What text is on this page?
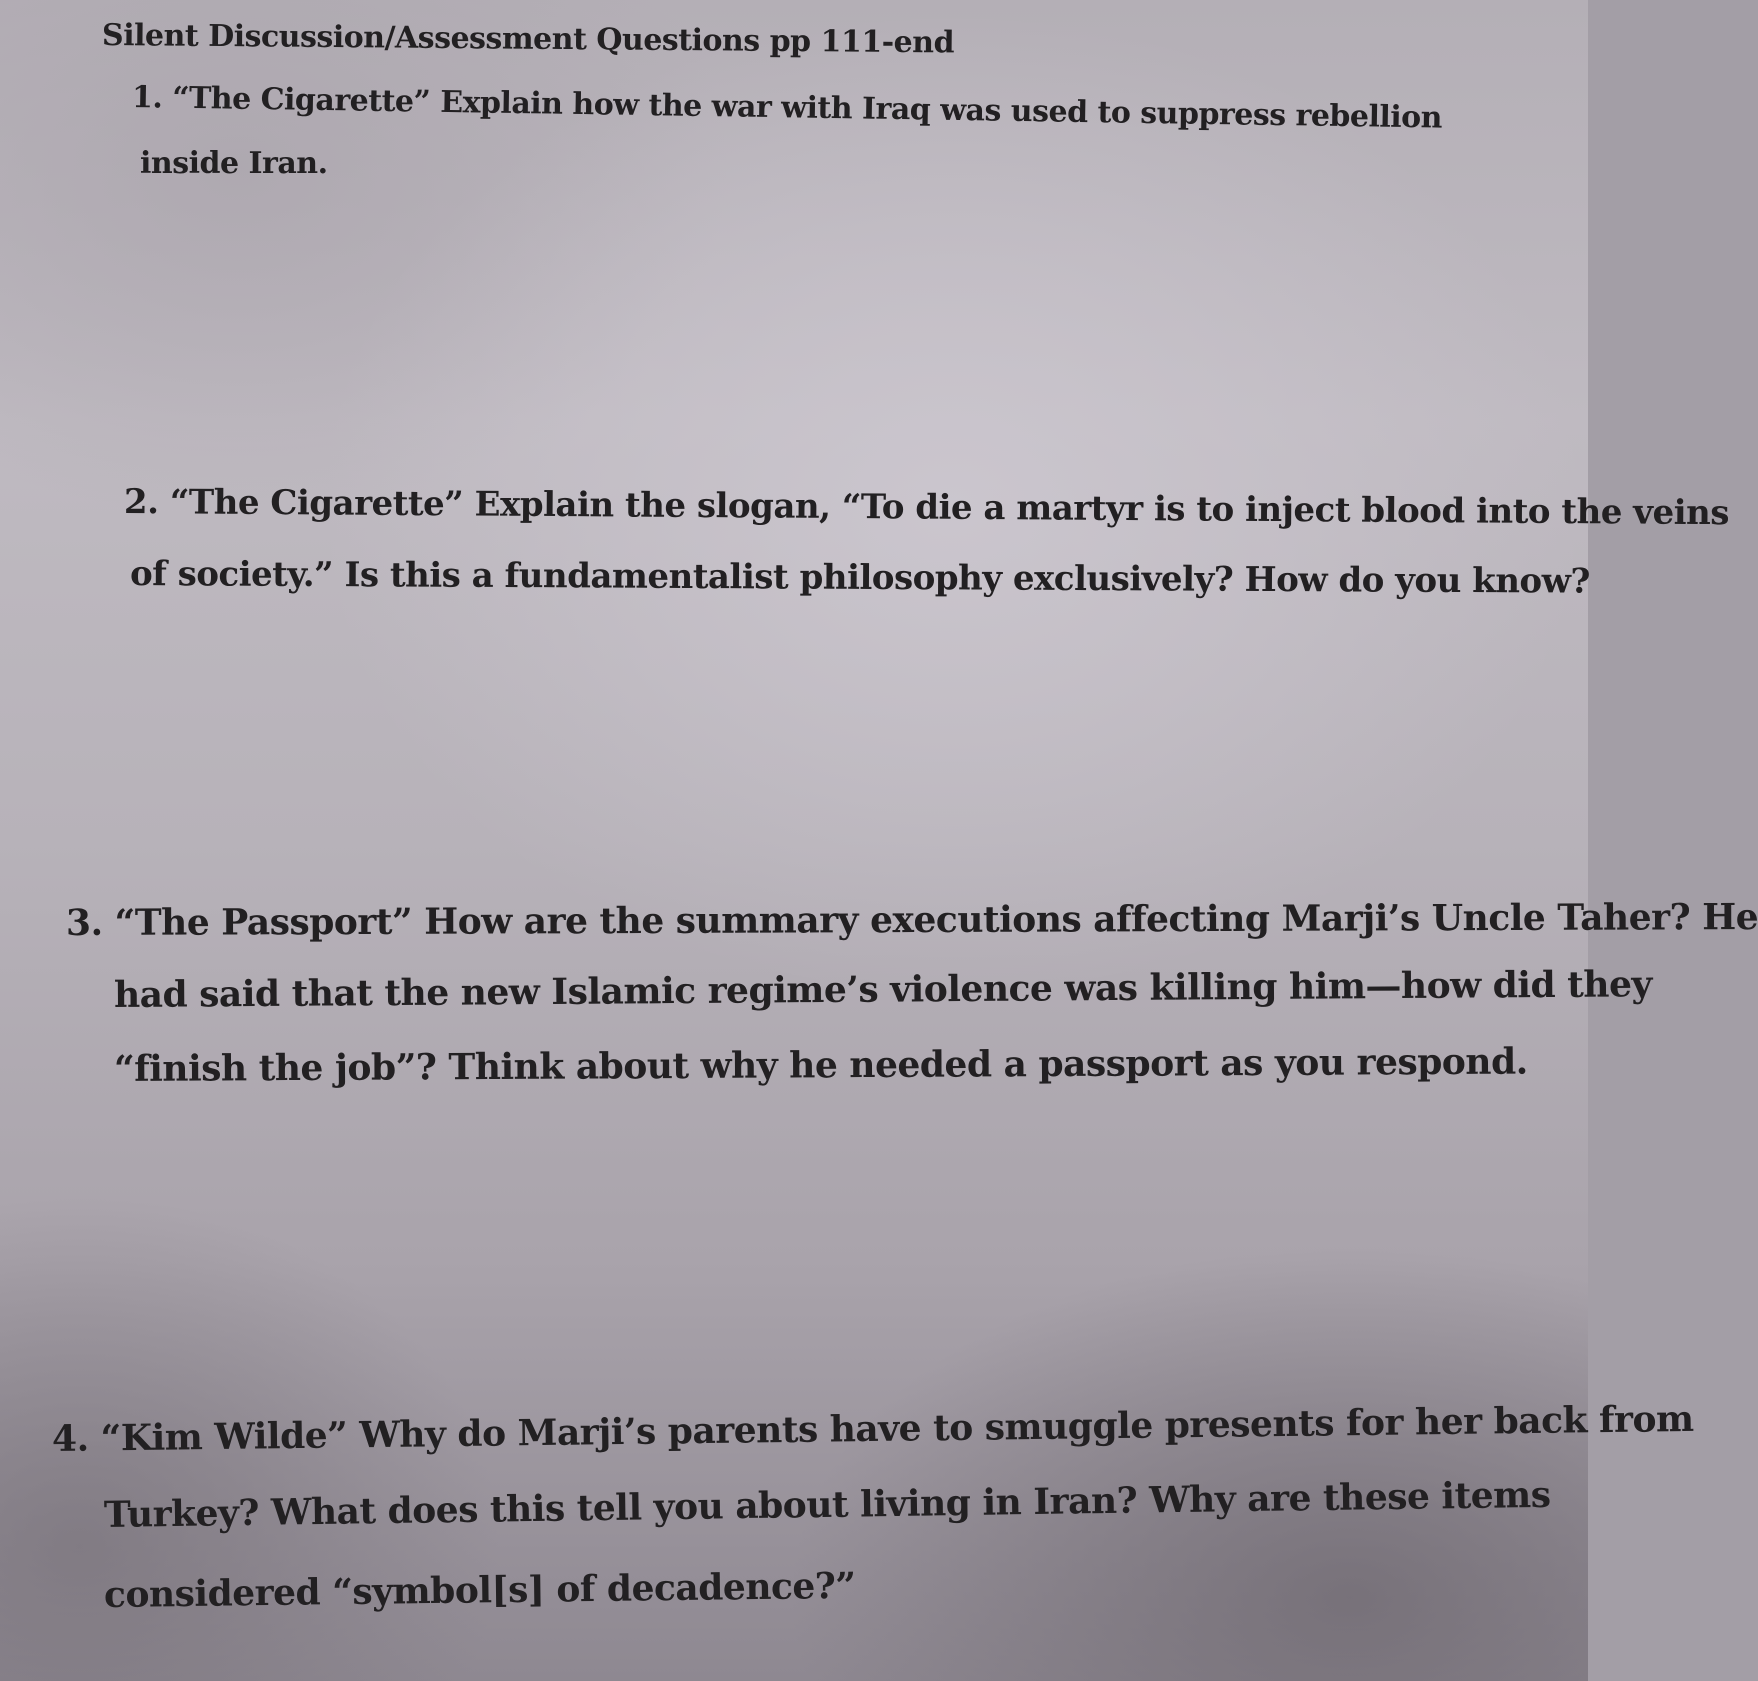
Silent Discussion/Assessment Questions pp 111-end

1. “The Cigarette” Explain how the war with Iraq was used to suppress rebellion

inside Iran.

2. “The Cigarette” Explain the slogan, “To die a martyr is to inject blood into the veins

of society.” Is this a fundamentalist philosophy exclusively? How do you know?

3. “The Passport” How are the summary executions affecting Marji’s Uncle Taher? He

had said that the new Islamic regime’s violence was killing him—how did they

“finish the job”? Think about why he needed a passport as you respond.

4. “Kim Wilde” Why do Marji’s parents have to smuggle presents for her back from

Turkey? What does this tell you about living in Iran? Why are these items

considered “symbol[s] of decadence?”
